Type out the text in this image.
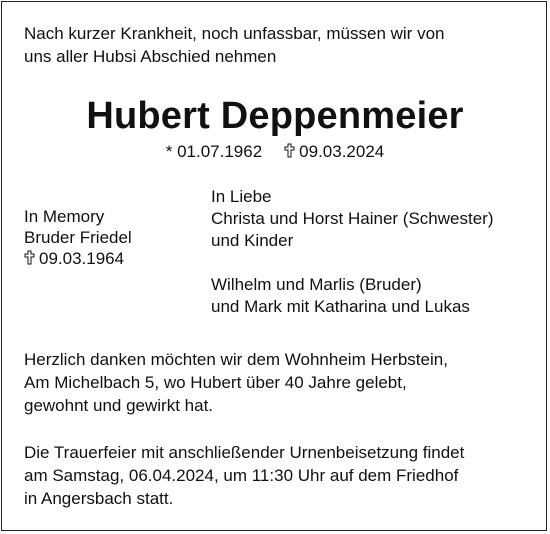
Nach kurzer Krankheit, noch unfassbar, müssen wir von
uns aller Hubsi Abschied nehmen
Hubert Deppenmeier
* 01.07.1962 09.03.2024
In Memory
Bruder Friedel
09.03.1964
In Liebe
Christa und Horst Hainer (Schwester)
und Kinder
Wilhelm und Marlis (Bruder)
und Mark mit Katharina und Lukas
Herzlich danken möchten wir dem Wohnheim Herbstein,
Am Michelbach 5, wo Hubert über 40 Jahre gelebt,
gewohnt und gewirkt hat.
Die Trauerfeier mit anschließender Urnenbeisetzung findet
am Samstag, 06.04.2024, um 11:30 Uhr auf dem Friedhof
in Angersbach statt.
